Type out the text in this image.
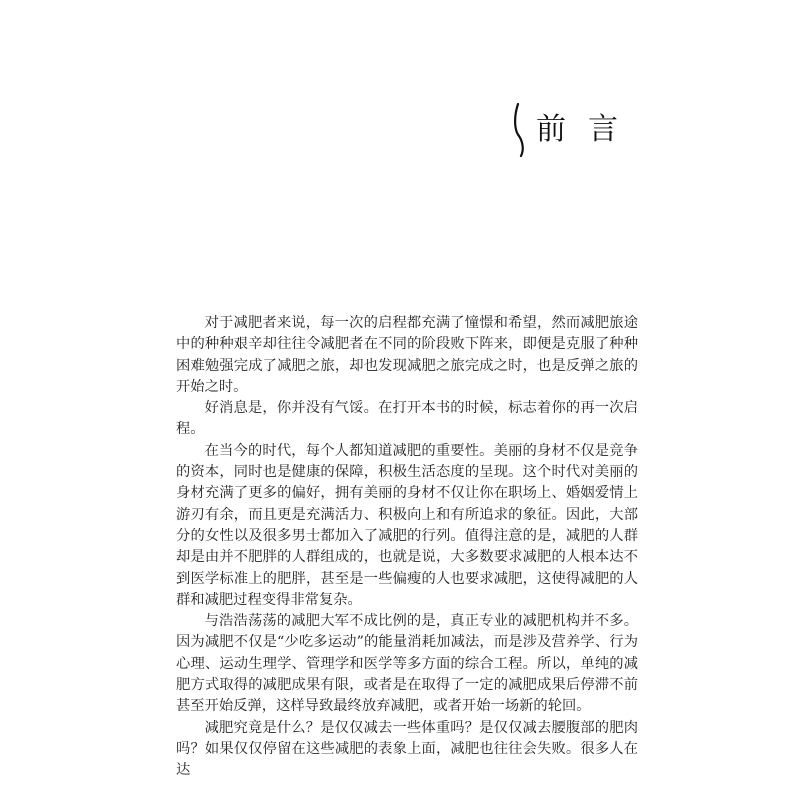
前言

对于减肥者来说，每一次的启程都充满了憧憬和希望，然而减肥旅途中的种种艰辛却往往令减肥者在不同的阶段败下阵来，即便是克服了种种困难勉强完成了减肥之旅，却也发现减肥之旅完成之时，也是反弹之旅的开始之时。

好消息是，你并没有气馁。在打开本书的时候，标志着你的再一次启程。

在当今的时代，每个人都知道减肥的重要性。美丽的身材不仅是竞争的资本，同时也是健康的保障，积极生活态度的呈现。这个时代对美丽的身材充满了更多的偏好，拥有美丽的身材不仅让你在职场上、婚姻爱情上游刃有余，而且更是充满活力、积极向上和有所追求的象征。因此，大部分的女性以及很多男士都加入了减肥的行列。值得注意的是，减肥的人群却是由并不肥胖的人群组成的，也就是说，大多数要求减肥的人根本达不到医学标准上的肥胖，甚至是一些偏瘦的人也要求减肥，这使得减肥的人群和减肥过程变得非常复杂。

与浩浩荡荡的减肥大军不成比例的是，真正专业的减肥机构并不多。因为减肥不仅是“少吃多运动”的能量消耗加减法，而是涉及营养学、行为心理、运动生理学、管理学和医学等多方面的综合工程。所以，单纯的减肥方式取得的减肥成果有限，或者是在取得了一定的减肥成果后停滞不前甚至开始反弹，这样导致最终放弃减肥，或者开始一场新的轮回。

减肥究竟是什么？是仅仅减去一些体重吗？是仅仅减去腰腹部的肥肉吗？如果仅仅停留在这些减肥的表象上面，减肥也往往会失败。很多人在达
